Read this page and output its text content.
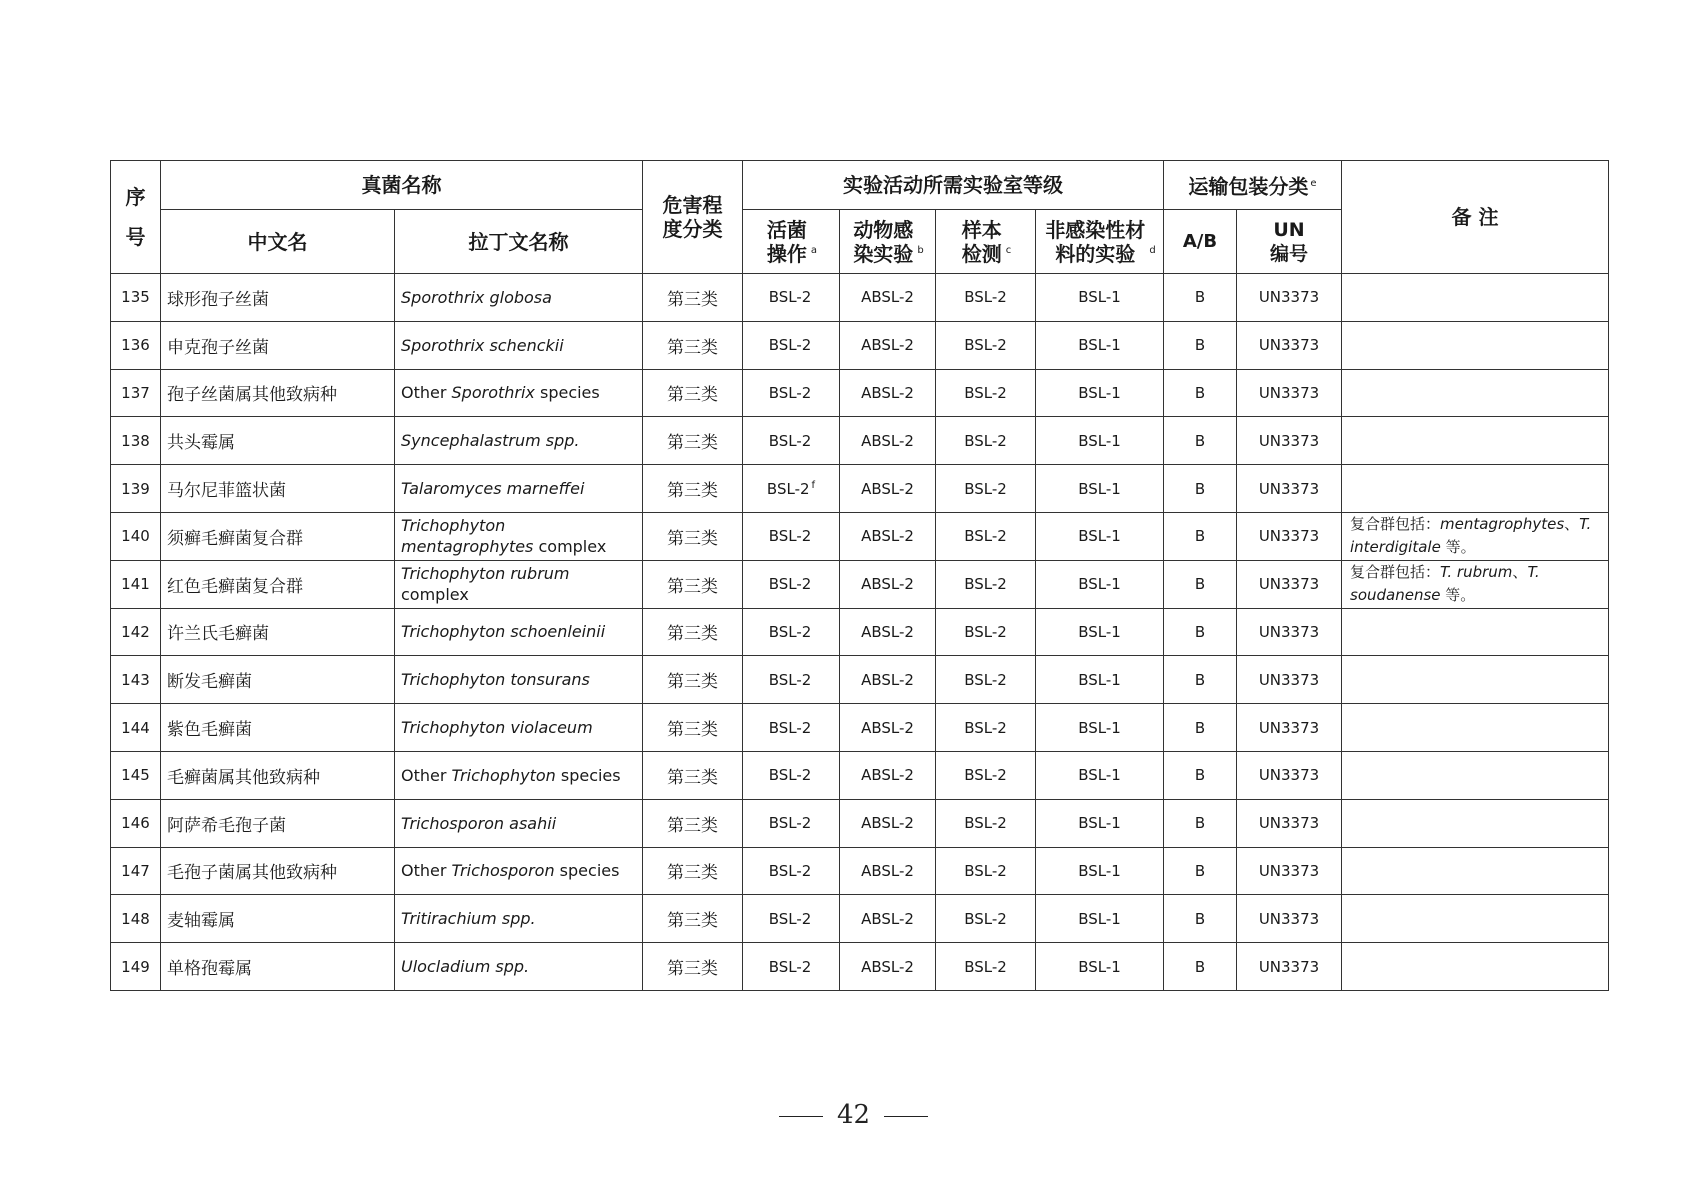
序号	真菌名称		危害程度分类	实验活动所需实验室等级				运输包装分类 $^e$		备 注
	中文名	拉丁文名称		活菌操作 $^a$	动物感染实验 $^b$	样本检测 $^c$	非感染性材料的实验 $^d$	A/B	UN编号	
135	球形孢子丝菌	Sporothrix globosa	第三类	BSL-2	ABSL-2	BSL-2	BSL-1	B	UN3373	
136	申克孢子丝菌	Sporothrix schenckii	第三类	BSL-2	ABSL-2	BSL-2	BSL-1	B	UN3373	
137	孢子丝菌属其他致病种	Other Sporothrix species	第三类	BSL-2	ABSL-2	BSL-2	BSL-1	B	UN3373	
138	共头霉属	Syncephalastrum spp.	第三类	BSL-2	ABSL-2	BSL-2	BSL-1	B	UN3373	
139	马尔尼菲篮状菌	Talaromyces marneffei	第三类	BSL-2 $^f$	ABSL-2	BSL-2	BSL-1	B	UN3373	
140	须癣毛癣菌复合群	Trichophyton mentagrophytes complex	第三类	BSL-2	ABSL-2	BSL-2	BSL-1	B	UN3373	复合群包括：mentagrophytes、T. interdigitale 等。
141	红色毛癣菌复合群	Trichophyton rubrum complex	第三类	BSL-2	ABSL-2	BSL-2	BSL-1	B	UN3373	复合群包括：T. rubrum、T. soudanense 等。
142	许兰氏毛癣菌	Trichophyton schoenleinii	第三类	BSL-2	ABSL-2	BSL-2	BSL-1	B	UN3373	
143	断发毛癣菌	Trichophyton tonsurans	第三类	BSL-2	ABSL-2	BSL-2	BSL-1	B	UN3373	
144	紫色毛癣菌	Trichophyton violaceum	第三类	BSL-2	ABSL-2	BSL-2	BSL-1	B	UN3373	
145	毛癣菌属其他致病种	Other Trichophyton species	第三类	BSL-2	ABSL-2	BSL-2	BSL-1	B	UN3373	
146	阿萨希毛孢子菌	Trichosporon asahii	第三类	BSL-2	ABSL-2	BSL-2	BSL-1	B	UN3373	
147	毛孢子菌属其他致病种	Other Trichosporon species	第三类	BSL-2	ABSL-2	BSL-2	BSL-1	B	UN3373	
148	麦轴霉属	Tritirachium spp.	第三类	BSL-2	ABSL-2	BSL-2	BSL-1	B	UN3373	
149	单格孢霉属	Ulocladium spp.	第三类	BSL-2	ABSL-2	BSL-2	BSL-1	B	UN3373	
42
